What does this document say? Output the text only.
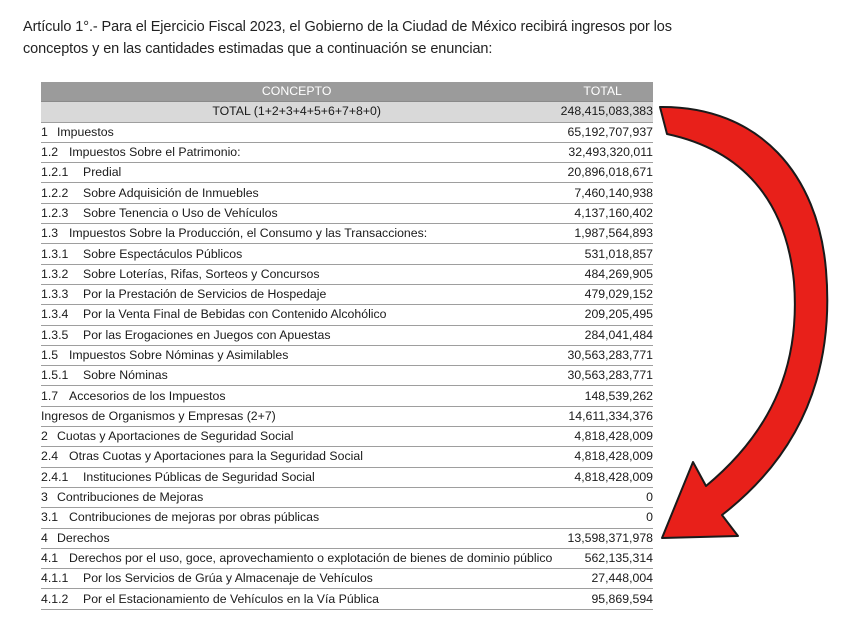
Artículo 1°.- Para el Ejercicio Fiscal 2023, el Gobierno de la Ciudad de México recibirá ingresos por los
conceptos y en las cantidades estimadas que a continuación se enuncian:
CONCEPTO	TOTAL
TOTAL (1+2+3+4+5+6+7+8+0)	248,415,083,383
1 Impuestos	65,192,707,937
1.2 Impuestos Sobre el Patrimonio:	32,493,320,011
1.2.1 Predial	20,896,018,671
1.2.2 Sobre Adquisición de Inmuebles	7,460,140,938
1.2.3 Sobre Tenencia o Uso de Vehículos	4,137,160,402
1.3 Impuestos Sobre la Producción, el Consumo y las Transacciones:	1,987,564,893
1.3.1 Sobre Espectáculos Públicos	531,018,857
1.3.2 Sobre Loterías, Rifas, Sorteos y Concursos	484,269,905
1.3.3 Por la Prestación de Servicios de Hospedaje	479,029,152
1.3.4 Por la Venta Final de Bebidas con Contenido Alcohólico	209,205,495
1.3.5 Por las Erogaciones en Juegos con Apuestas	284,041,484
1.5 Impuestos Sobre Nóminas y Asimilables	30,563,283,771
1.5.1 Sobre Nóminas	30,563,283,771
1.7 Accesorios de los Impuestos	148,539,262
Ingresos de Organismos y Empresas (2+7)	14,611,334,376
2 Cuotas y Aportaciones de Seguridad Social	4,818,428,009
2.4 Otras Cuotas y Aportaciones para la Seguridad Social	4,818,428,009
2.4.1 Instituciones Públicas de Seguridad Social	4,818,428,009
3 Contribuciones de Mejoras	0
3.1 Contribuciones de mejoras por obras públicas	0
4 Derechos	13,598,371,978
4.1 Derechos por el uso, goce, aprovechamiento o explotación de bienes de dominio público	562,135,314
4.1.1 Por los Servicios de Grúa y Almacenaje de Vehículos	27,448,004
4.1.2 Por el Estacionamiento de Vehículos en la Vía Pública	95,869,594
